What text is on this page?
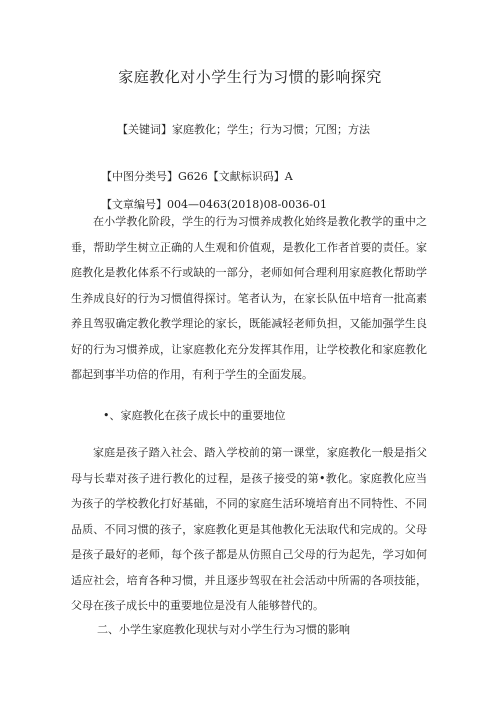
家庭教化对小学生行为习惯的影响探究
【关键词】家庭教化；学生；行为习惯；冗图；方法
【中图分类号】G626【文献标识码】A
【文章编号】004—0463(2018)08-0036-01

在小学教化阶段，学生的行为习惯养成教化始终是教化教学的重中之垂，帮助学生树立正确的人生观和价值观，是教化工作者首要的责任。家庭教化是教化体系不行或缺的一部分，老师如何合理利用家庭教化帮助学生养成良好的行为习惯值得探讨。笔者认为，在家长队伍中培育一批高素养且驾驭确定教化教学理论的家长，既能减轻老师负担，又能加强学生良好的行为习惯养成，让家庭教化充分发挥其作用，让学校教化和家庭教化都起到事半功倍的作用，有利于学生的全面发展。

•、家庭教化在孩子成长中的重要地位

家庭是孩子踏入社会、踏入学校前的第一课堂，家庭教化一般是指父母与长辈对孩子进行教化的过程，是孩子接受的第•教化。家庭教化应当为孩子的学校教化打好基础，不同的家庭生活环境培育出不同特性、不同品质、不同习惯的孩子，家庭教化更是其他教化无法取代和完成的。父母是孩子最好的老师，每个孩子都是从仿照自己父母的行为起先，学习如何适应社会，培育各种习惯，并且逐步驾驭在社会活动中所需的各项技能，父母在孩子成长中的重要地位是没有人能够替代的。

二、小学生家庭教化现状与对小学生行为习惯的影响
